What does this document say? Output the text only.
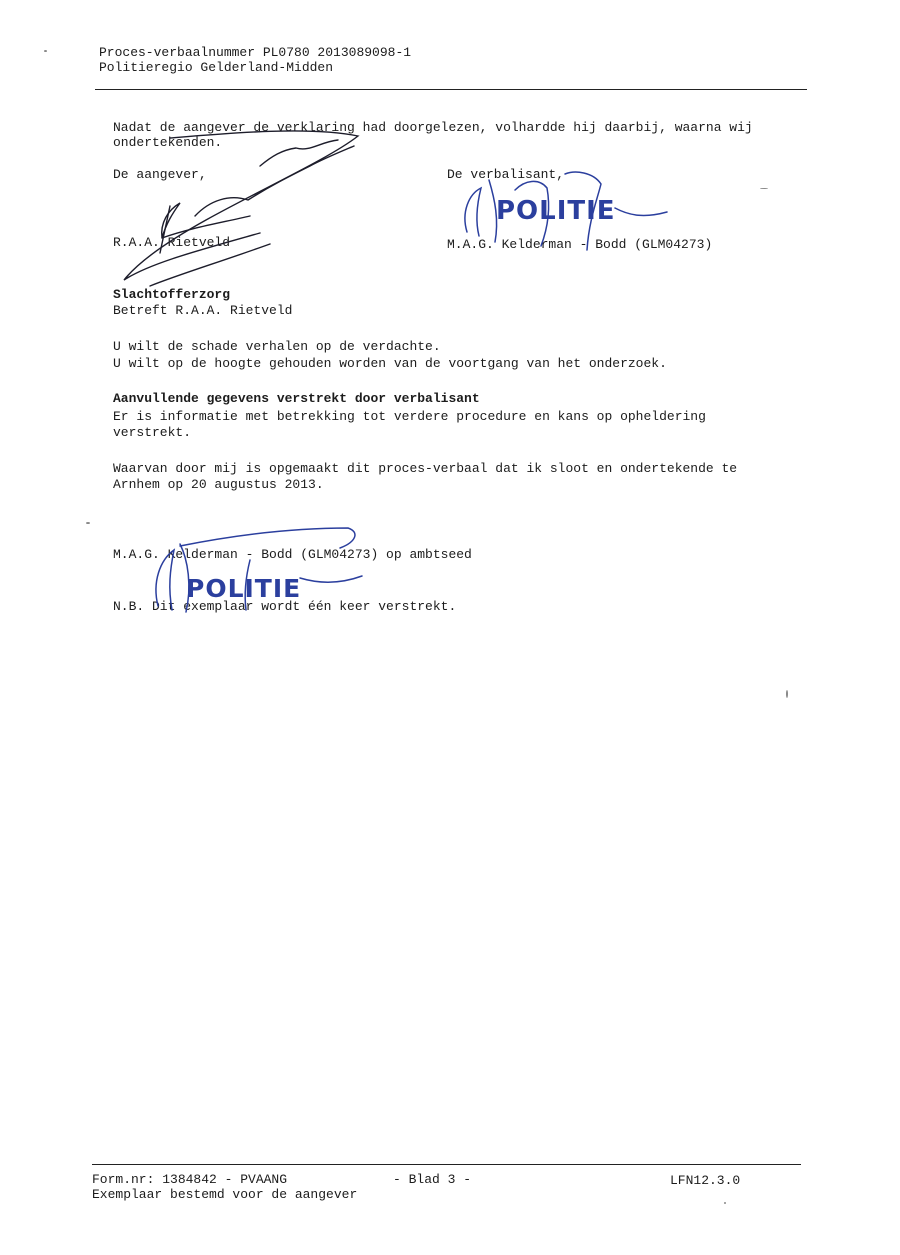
Proces-verbaalnummer PL0780 2013089098-1
Politieregio Gelderland-Midden
Nadat de aangever de verklaring had doorgelezen, volhardde hij daarbij, waarna wij
ondertekenden.
De aangever,	De verbalisant,
R.A.A. Rietveld	M.A.G. Kelderman - Bodd (GLM04273)
Slachtofferzorg
Betreft R.A.A. Rietveld
U wilt de schade verhalen op de verdachte.
U wilt op de hoogte gehouden worden van de voortgang van het onderzoek.
Aanvullende gegevens verstrekt door verbalisant
Er is informatie met betrekking tot verdere procedure en kans op opheldering
verstrekt.
Waarvan door mij is opgemaakt dit proces-verbaal dat ik sloot en ondertekende te
Arnhem op 20 augustus 2013.
M.A.G. Kelderman - Bodd (GLM04273) op ambtseed
N.B. Dit exemplaar wordt één keer verstrekt.
POLITIE
POLITIE
Form.nr: 1384842 - PVAANG	- Blad 3 -	LFN12.3.0
Exemplaar bestemd voor de aangever
